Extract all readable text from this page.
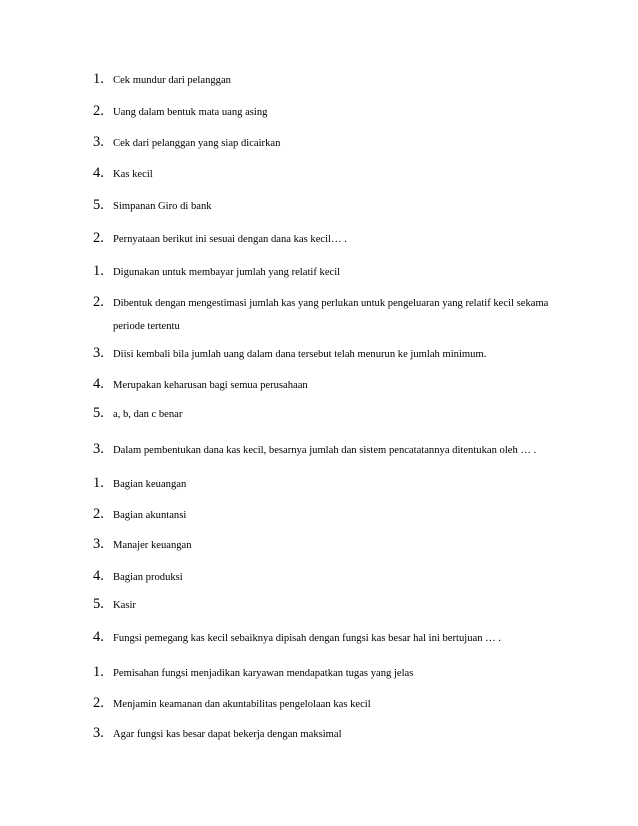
1. Cek mundur dari pelanggan
2. Uang dalam bentuk mata uang asing
3. Cek dari pelanggan yang siap dicairkan
4. Kas kecil
5. Simpanan Giro di bank
2. Pernyataan berikut ini sesuai dengan dana kas kecil… .
1. Digunakan untuk membayar jumlah yang relatif kecil
2. Dibentuk dengan mengestimasi jumlah kas yang perlukan untuk pengeluaran yang relatif kecil sekama periode tertentu
3. Diisi kembali bila jumlah uang dalam dana tersebut telah menurun ke jumlah minimum.
4. Merupakan keharusan bagi semua perusahaan
5. a, b, dan c benar
3. Dalam pembentukan dana kas kecil, besarnya jumlah dan sistem pencatatannya ditentukan oleh … .
1. Bagian keuangan
2. Bagian akuntansi
3. Manajer keuangan
4. Bagian produksi
5. Kasir
4. Fungsi pemegang kas kecil sebaiknya dipisah dengan fungsi kas besar hal ini bertujuan … .
1. Pemisahan fungsi menjadikan karyawan mendapatkan tugas yang jelas
2. Menjamin keamanan dan akuntabilitas pengelolaan kas kecil
3. Agar fungsi kas besar dapat bekerja dengan maksimal
